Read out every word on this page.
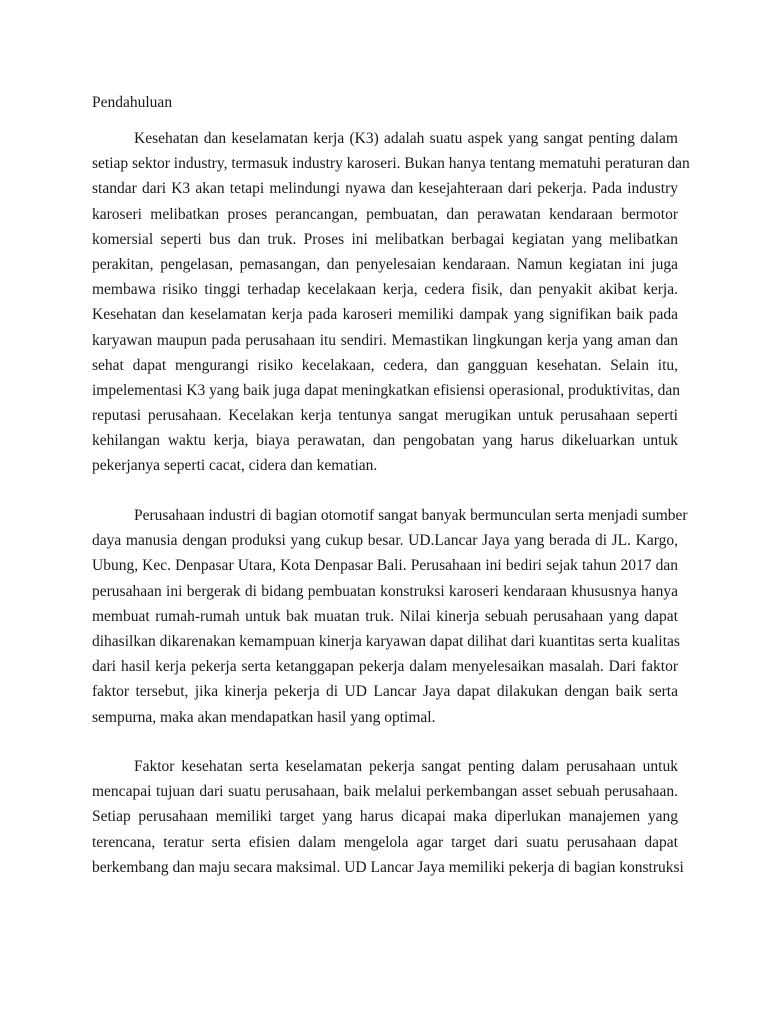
Pendahuluan

Kesehatan dan keselamatan kerja (K3) adalah suatu aspek yang sangat penting dalam
setiap sektor industry, termasuk industry karoseri. Bukan hanya tentang mematuhi peraturan dan
standar dari K3 akan tetapi melindungi nyawa dan kesejahteraan dari pekerja. Pada industry
karoseri melibatkan proses perancangan, pembuatan, dan perawatan kendaraan bermotor
komersial seperti bus dan truk. Proses ini melibatkan berbagai kegiatan yang melibatkan
perakitan, pengelasan, pemasangan, dan penyelesaian kendaraan. Namun kegiatan ini juga
membawa risiko tinggi terhadap kecelakaan kerja, cedera fisik, dan penyakit akibat kerja.
Kesehatan dan keselamatan kerja pada karoseri memiliki dampak yang signifikan baik pada
karyawan maupun pada perusahaan itu sendiri. Memastikan lingkungan kerja yang aman dan
sehat dapat mengurangi risiko kecelakaan, cedera, dan gangguan kesehatan. Selain itu,
impelementasi K3 yang baik juga dapat meningkatkan efisiensi operasional, produktivitas, dan
reputasi perusahaan. Kecelakan kerja tentunya sangat merugikan untuk perusahaan seperti
kehilangan waktu kerja, biaya perawatan, dan pengobatan yang harus dikeluarkan untuk
pekerjanya seperti cacat, cidera dan kematian.

Perusahaan industri di bagian otomotif sangat banyak bermunculan serta menjadi sumber
daya manusia dengan produksi yang cukup besar. UD.Lancar Jaya yang berada di JL. Kargo,
Ubung, Kec. Denpasar Utara, Kota Denpasar Bali. Perusahaan ini bediri sejak tahun 2017 dan
perusahaan ini bergerak di bidang pembuatan konstruksi karoseri kendaraan khususnya hanya
membuat rumah-rumah untuk bak muatan truk. Nilai kinerja sebuah perusahaan yang dapat
dihasilkan dikarenakan kemampuan kinerja karyawan dapat dilihat dari kuantitas serta kualitas
dari hasil kerja pekerja serta ketanggapan pekerja dalam menyelesaikan masalah. Dari faktor
faktor tersebut, jika kinerja pekerja di UD Lancar Jaya dapat dilakukan dengan baik serta
sempurna, maka akan mendapatkan hasil yang optimal.

Faktor kesehatan serta keselamatan pekerja sangat penting dalam perusahaan untuk
mencapai tujuan dari suatu perusahaan, baik melalui perkembangan asset sebuah perusahaan.
Setiap perusahaan memiliki target yang harus dicapai maka diperlukan manajemen yang
terencana, teratur serta efisien dalam mengelola agar target dari suatu perusahaan dapat
berkembang dan maju secara maksimal. UD Lancar Jaya memiliki pekerja di bagian konstruksi
